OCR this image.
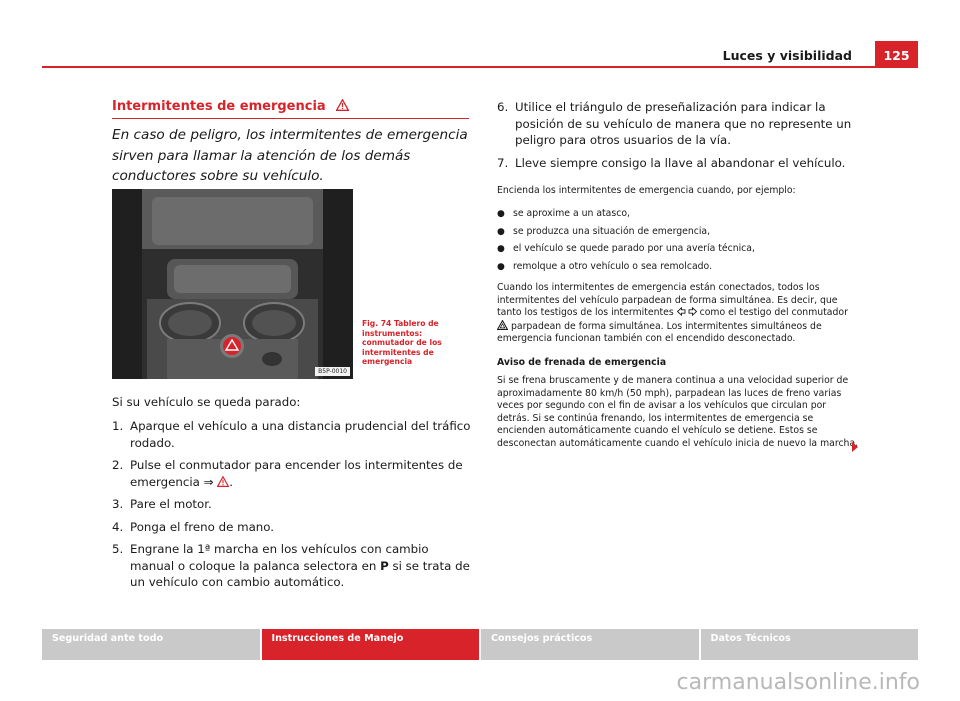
Luces y visibilidad	125
Intermitentes de emergencia
En caso de peligro, los intermitentes de emergencia sirven para llamar la atención de los demás conductores sobre su vehículo.
B5P-0010
Fig. 74 Tablero de instrumentos: conmutador de los intermitentes de emergencia
Si su vehículo se queda parado:
1. Aparque el vehículo a una distancia prudencial del tráfico rodado.
2. Pulse el conmutador para encender los intermitentes de emergencia ⇒ .
3. Pare el motor.
4. Ponga el freno de mano.
5. Engrane la 1ª marcha en los vehículos con cambio manual o coloque la palanca selectora en P si se trata de un vehículo con cambio automático.
6. Utilice el triángulo de preseñalización para indicar la posición de su vehículo de manera que no represente un peligro para otros usuarios de la vía.
7. Lleve siempre consigo la llave al abandonar el vehículo.
Encienda los intermitentes de emergencia cuando, por ejemplo:
● se aproxime a un atasco,
● se produzca una situación de emergencia,
● el vehículo se quede parado por una avería técnica,
● remolque a otro vehículo o sea remolcado.
Cuando los intermitentes de emergencia están conectados, todos los intermitentes del vehículo parpadean de forma simultánea. Es decir, que tanto los testigos de los intermitentes	como el testigo del conmutador  parpadean de forma simultánea. Los intermitentes simultáneos de emergencia funcionan también con el encendido desconectado.
Aviso de frenada de emergencia
Si se frena bruscamente y de manera continua a una velocidad superior de aproximadamente 80 km/h (50 mph), parpadean las luces de freno varias veces por segundo con el fin de avisar a los vehículos que circulan por detrás. Si se continúa frenando, los intermitentes de emergencia se encienden automáticamente cuando el vehículo se detiene. Estos se desconectan automáticamente cuando el vehículo inicia de nuevo la marcha.
Seguridad ante todo	Instrucciones de Manejo	Consejos prácticos	Datos Técnicos
carmanualsonline.info
